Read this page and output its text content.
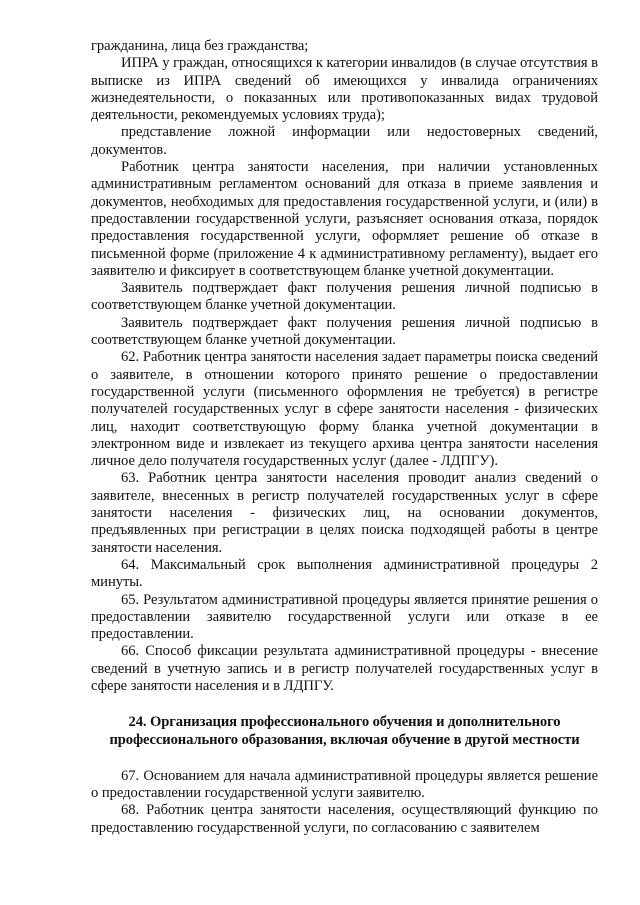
гражданина, лица без гражданства;

ИПРА у граждан, относящихся к категории инвалидов (в случае отсутствия в выписке из ИПРА сведений об имеющихся у инвалида ограничениях жизнедеятельности, о показанных или противопоказанных видах трудовой деятельности, рекомендуемых условиях труда);

представление ложной информации или недостоверных сведений, документов.

Работник центра занятости населения, при наличии установленных административным регламентом оснований для отказа в приеме заявления и документов, необходимых для предоставления государственной услуги, и (или) в предоставлении государственной услуги, разъясняет основания отказа, порядок предоставления государственной услуги, оформляет решение об отказе в письменной форме (приложение 4 к административному регламенту), выдает его заявителю и фиксирует в соответствующем бланке учетной документации.

Заявитель подтверждает факт получения решения личной подписью в соответствующем бланке учетной документации.

Заявитель подтверждает факт получения решения личной подписью в соответствующем бланке учетной документации.

62. Работник центра занятости населения задает параметры поиска сведений о заявителе, в отношении которого принято решение о предоставлении государственной услуги (письменного оформления не требуется) в регистре получателей государственных услуг в сфере занятости населения - физических лиц, находит соответствующую форму бланка учетной документации в электронном виде и извлекает из текущего архива центра занятости населения личное дело получателя государственных услуг (далее - ЛДПГУ).

63. Работник центра занятости населения проводит анализ сведений о заявителе, внесенных в регистр получателей государственных услуг в сфере занятости населения - физических лиц, на основании документов, предъявленных при регистрации в целях поиска подходящей работы в центре занятости населения.

64. Максимальный срок выполнения административной процедуры 2 минуты.

65. Результатом административной процедуры является принятие решения о предоставлении заявителю государственной услуги или отказе в ее предоставлении.

66. Способ фиксации результата административной процедуры - внесение сведений в учетную запись и в регистр получателей государственных услуг в сфере занятости населения и в ЛДПГУ.

24. Организация профессионального обучения и дополнительного
профессионального образования, включая обучение в другой местности

67. Основанием для начала административной процедуры является решение о предоставлении государственной услуги заявителю.

68. Работник центра занятости населения, осуществляющий функцию по предоставлению государственной услуги, по согласованию с заявителем
